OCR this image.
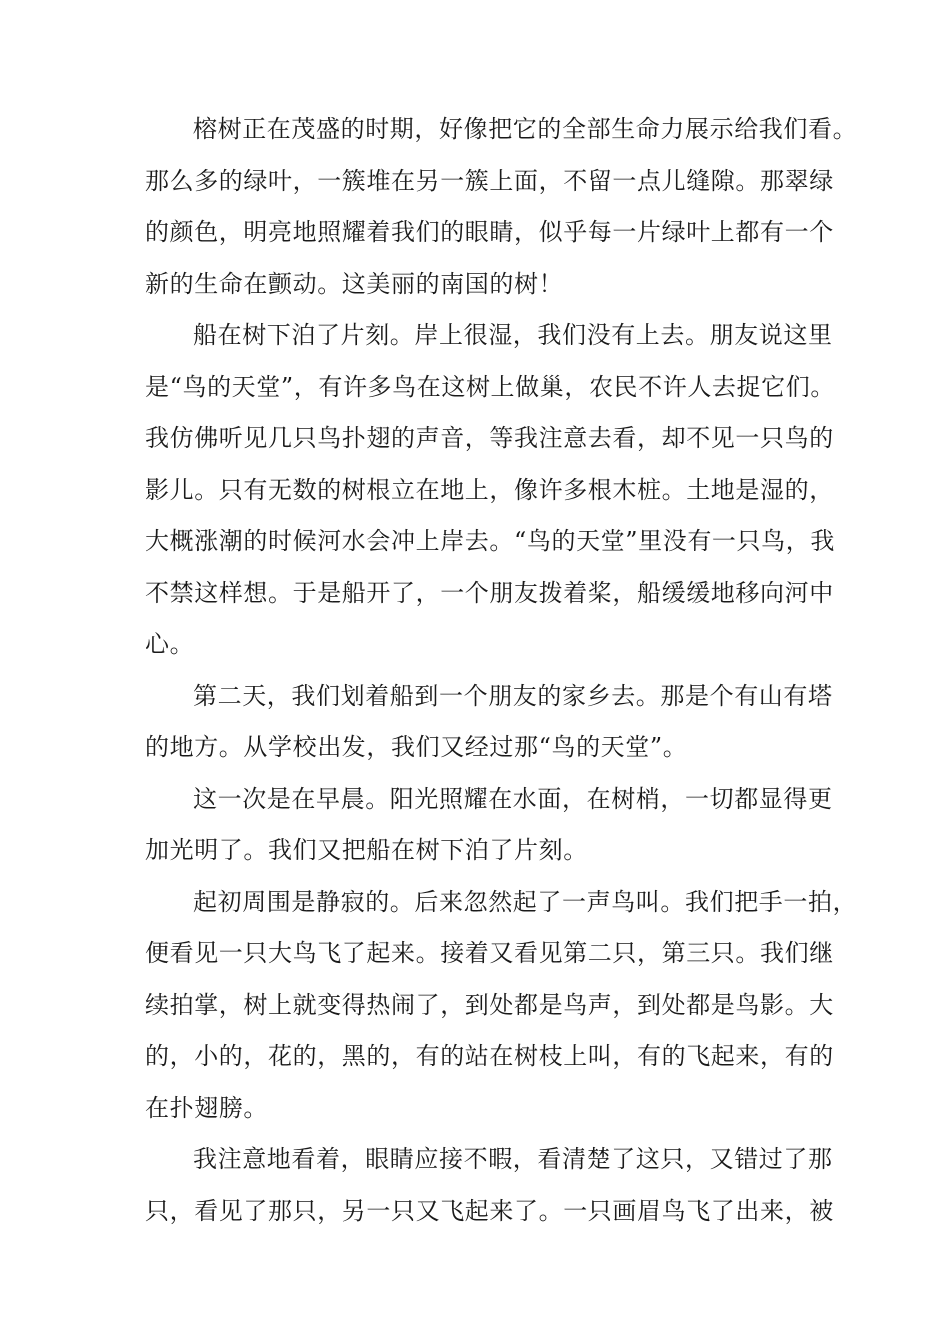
榕树正在茂盛的时期，好像把它的全部生命力展示给我们看。
那么多的绿叶，一簇堆在另一簇上面，不留一点儿缝隙。那翠绿
的颜色，明亮地照耀着我们的眼睛，似乎每一片绿叶上都有一个
新的生命在颤动。这美丽的南国的树！

船在树下泊了片刻。岸上很湿，我们没有上去。朋友说这里
是“鸟的天堂”，有许多鸟在这树上做巢，农民不许人去捉它们。
我仿佛听见几只鸟扑翅的声音，等我注意去看，却不见一只鸟的
影儿。只有无数的树根立在地上，像许多根木桩。土地是湿的，
大概涨潮的时候河水会冲上岸去。“鸟的天堂”里没有一只鸟，我
不禁这样想。于是船开了，一个朋友拨着桨，船缓缓地移向河中
心。

第二天，我们划着船到一个朋友的家乡去。那是个有山有塔
的地方。从学校出发，我们又经过那“鸟的天堂”。

这一次是在早晨。阳光照耀在水面，在树梢，一切都显得更
加光明了。我们又把船在树下泊了片刻。

起初周围是静寂的。后来忽然起了一声鸟叫。我们把手一拍，
便看见一只大鸟飞了起来。接着又看见第二只，第三只。我们继
续拍掌，树上就变得热闹了，到处都是鸟声，到处都是鸟影。大
的，小的，花的，黑的，有的站在树枝上叫，有的飞起来，有的
在扑翅膀。

我注意地看着，眼睛应接不暇，看清楚了这只，又错过了那
只，看见了那只，另一只又飞起来了。一只画眉鸟飞了出来，被
